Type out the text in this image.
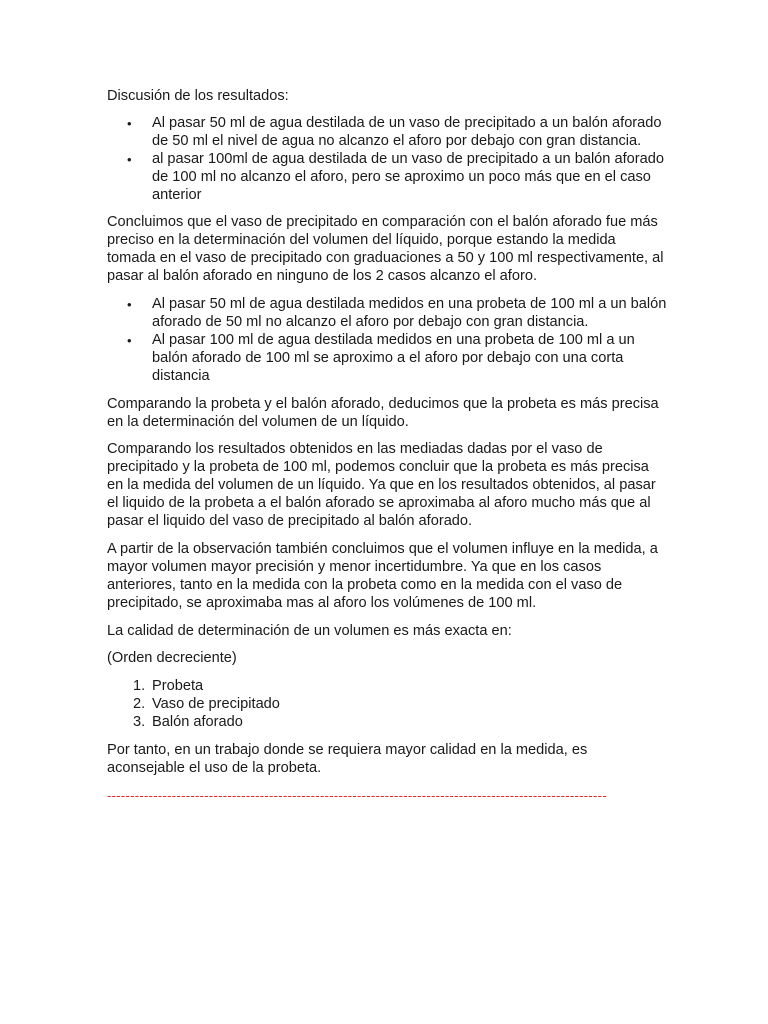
Discusión de los resultados:

• Al pasar 50 ml de agua destilada de un vaso de precipitado a un balón aforado de 50 ml el nivel de agua no alcanzo el aforo por debajo con gran distancia.
• al pasar 100ml de agua destilada de un vaso de precipitado a un balón aforado de 100 ml no alcanzo el aforo, pero se aproximo un poco más que en el caso anterior

Concluimos que el vaso de precipitado en comparación con el balón aforado fue más preciso en la determinación del volumen del líquido, porque estando la medida tomada en el vaso de precipitado con graduaciones a 50 y 100 ml respectivamente, al pasar al balón aforado en ninguno de los 2 casos alcanzo el aforo.

• Al pasar 50 ml de agua destilada medidos en una probeta de 100 ml a un balón aforado de 50 ml no alcanzo el aforo por debajo con gran distancia.
• Al pasar 100 ml de agua destilada medidos en una probeta de 100 ml a un balón aforado de 100 ml se aproximo a el aforo por debajo con una corta distancia

Comparando la probeta y el balón aforado, deducimos que la probeta es más precisa en la determinación del volumen de un líquido.

Comparando los resultados obtenidos en las mediadas dadas por el vaso de precipitado y la probeta de 100 ml, podemos concluir que la probeta es más precisa en la medida del volumen de un líquido. Ya que en los resultados obtenidos, al pasar el liquido de la probeta a el balón aforado se aproximaba al aforo mucho más que al pasar el liquido del vaso de precipitado al balón aforado.

A partir de la observación también concluimos que el volumen influye en la medida, a mayor volumen mayor precisión y menor incertidumbre. Ya que en los casos anteriores, tanto en la medida con la probeta como en la medida con el vaso de precipitado, se aproximaba mas al aforo los volúmenes de 100 ml.

La calidad de determinación de un volumen es más exacta en:

(Orden decreciente)

1. Probeta
2. Vaso de precipitado
3. Balón aforado

Por tanto, en un trabajo donde se requiera mayor calidad en la medida, es aconsejable el uso de la probeta.

------------------------------------------------------------------------------------------------------------
